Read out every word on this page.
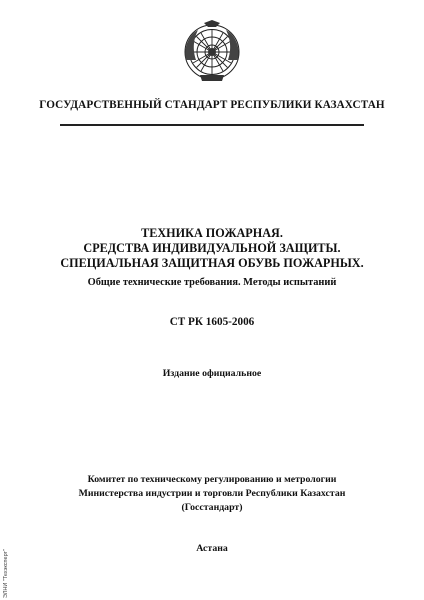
ГОСУДАРСТВЕННЫЙ СТАНДАРТ РЕСПУБЛИКИ КАЗАХСТАН
ТЕХНИКА ПОЖАРНАЯ.
СРЕДСТВА ИНДИВИДУАЛЬНОЙ ЗАЩИТЫ.
СПЕЦИАЛЬНАЯ ЗАЩИТНАЯ ОБУВЬ ПОЖАРНЫХ.
Общие технические требования. Методы испытаний
СТ РК 1605-2006
Издание официальное
Комитет по техническому регулированию и метрологии
Министерства индустрии и торговли Республики Казахстан
(Госстандарт)
Астана
ЭЛНИ "Техэксперт"
